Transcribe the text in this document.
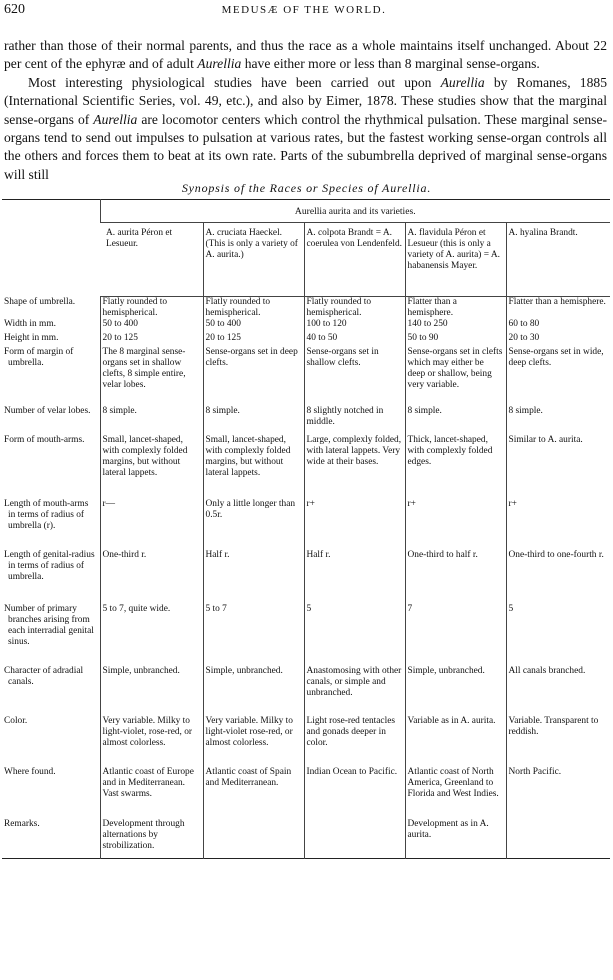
620	MEDUSÆ OF THE WORLD.

rather than those of their normal parents, and thus the race as a whole maintains itself unchanged. About 22 per cent of the ephyræ and of adult Aurellia have either more or less than 8 marginal sense-organs.

Most interesting physiological studies have been carried out upon Aurellia by Romanes, 1885 (International Scientific Series, vol. 49, etc.), and also by Eimer, 1878. These studies show that the marginal sense-organs of Aurellia are locomotor centers which control the rhythmical pulsation. These marginal sense-organs tend to send out impulses to pulsation at various rates, but the fastest working sense-organ controls all the others and forces them to beat at its own rate. Parts of the subumbrella deprived of marginal sense-organs will still

Synopsis of the Races or Species of Aurellia.
	Aurellia aurita and its varieties.				
	A. aurita Péron et Lesueur.	A. cruciata Haeckel. (This is only a variety of A. aurita.)	A. colpota Brandt = A. coerulea von Lendenfeld.	A. flavidula Péron et Lesueur (this is only a variety of A. aurita) = A. habanensis Mayer.	A. hyalina Brandt.
Shape of umbrella.	Flatly rounded to hemispherical.	Flatly rounded to hemispherical.	Flatly rounded to hemispherical.	Flatter than a hemisphere.	Flatter than a hemisphere.
Width in mm.	50 to 400	50 to 400	100 to 120	140 to 250	60 to 80
Height in mm.	20 to 125	20 to 125	40 to 50	50 to 90	20 to 30
Form of margin of umbrella.	The 8 marginal sense-organs set in shallow clefts, 8 simple entire, velar lobes.	Sense-organs set in deep clefts.	Sense-organs set in shallow clefts.	Sense-organs set in clefts which may either be deep or shallow, being very variable.	Sense-organs set in wide, deep clefts.
Number of velar lobes.	8 simple.	8 simple.	8 slightly notched in middle.	8 simple.	8 simple.
Form of mouth-arms.	Small, lancet-shaped, with complexly folded margins, but without lateral lappets.	Small, lancet-shaped, with complexly folded margins, but without lateral lappets.	Large, complexly folded, with lateral lappets. Very wide at their bases.	Thick, lancet-shaped, with complexly folded edges.	Similar to A. aurita.
Length of mouth-arms in terms of radius of umbrella (r).	r—	Only a little longer than 0.5r.	r+	r+	r+
Length of genital-radius in terms of radius of umbrella.	One-third r.	Half r.	Half r.	One-third to half r.	One-third to one-fourth r.
Number of primary branches arising from each interradial genital sinus.	5 to 7, quite wide.	5 to 7	5	7	5
Character of adradial canals.	Simple, unbranched.	Simple, unbranched.	Anastomosing with other canals, or simple and unbranched.	Simple, unbranched.	All canals branched.
Color.	Very variable. Milky to light-violet, rose-red, or almost colorless.	Very variable. Milky to light-violet rose-red, or almost colorless.	Light rose-red tentacles and gonads deeper in color.	Variable as in A. aurita.	Variable. Transparent to reddish.
Where found.	Atlantic coast of Europe and in Mediterranean. Vast swarms.	Atlantic coast of Spain and Mediterranean.	Indian Ocean to Pacific.	Atlantic coast of North America, Greenland to Florida and West Indies.	North Pacific.
Remarks.	Development through alternations by strobilization.			Development as in A. aurita.	
